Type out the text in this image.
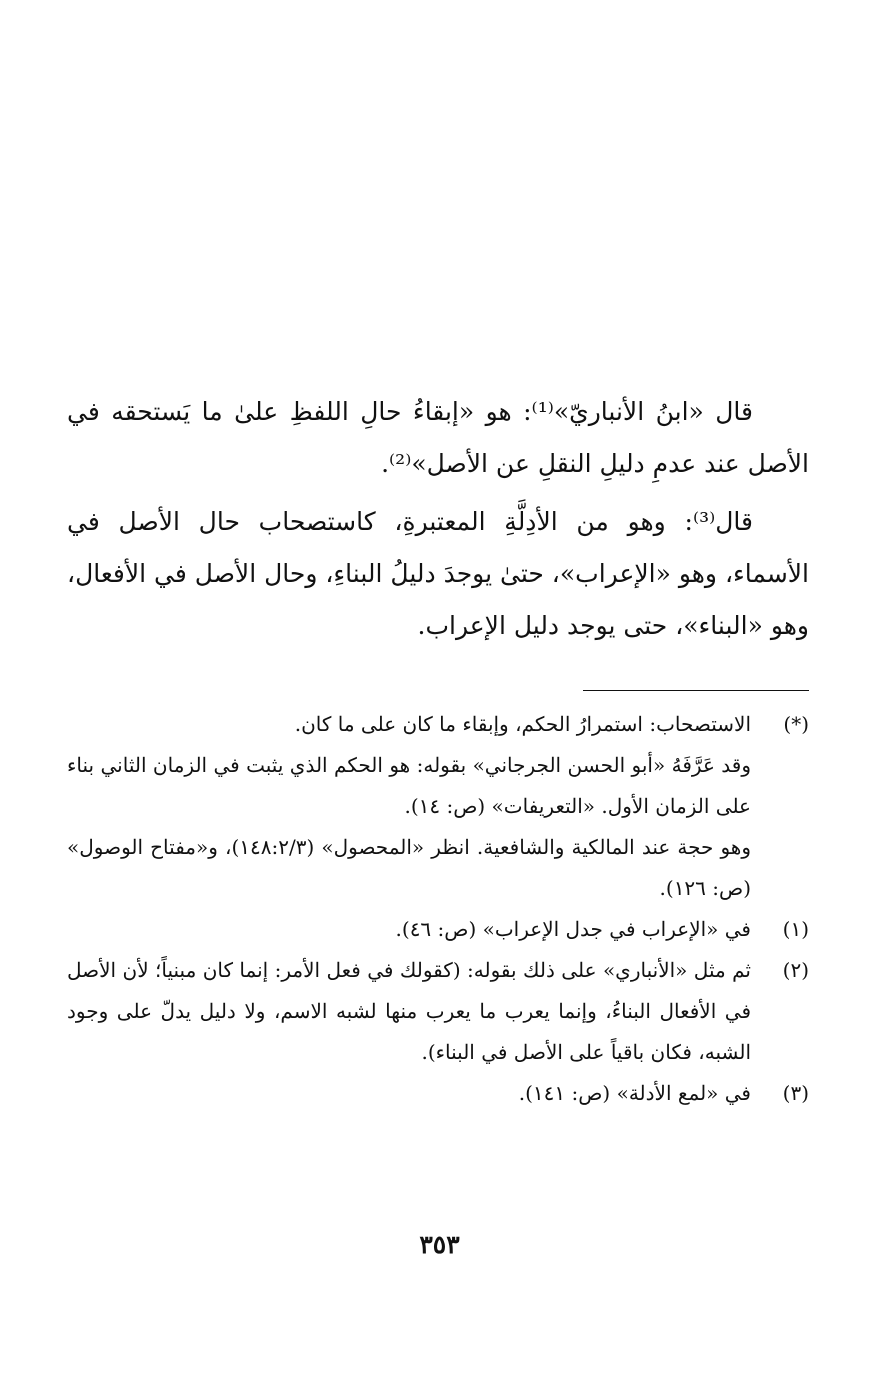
قال «ابنُ الأنباريّ»⁽¹⁾: هو «إبقاءُ حالِ اللفظِ علىٰ ما يَستحقه في الأصل عند عدمِ دليلِ النقلِ عن الأصل»⁽²⁾.

قال⁽³⁾: وهو من الأدِلَّةِ المعتبرةِ، كاستصحاب حال الأصل في الأسماء، وهو «الإعراب»، حتىٰ يوجدَ دليلُ البناءِ، وحال الأصل في الأفعال، وهو «البناء»، حتى يوجد دليل الإعراب.

(*)

الاستصحاب: استمرارُ الحكم، وإبقاء ما كان على ما كان.

وقد عَرَّفَهُ «أبو الحسن الجرجاني» بقوله: هو الحكم الذي يثبت في الزمان الثاني بناء على الزمان الأول. «التعريفات» (ص: ١٤).

وهو حجة عند المالكية والشافعية. انظر «المحصول» (١٤٨:٢/٣)، و«مفتاح الوصول» (ص: ١٢٦).

(١)

في «الإعراب في جدل الإعراب» (ص: ٤٦).

(٢)

ثم مثل «الأنباري» على ذلك بقوله: (كقولك في فعل الأمر: إنما كان مبنياً؛ لأن الأصل في الأفعال البناءُ، وإنما يعرب ما يعرب منها لشبه الاسم، ولا دليل يدلّ على وجود الشبه، فكان باقياً على الأصل في البناء).

(٣)

في «لمع الأدلة» (ص: ١٤١).

٣٥٣
